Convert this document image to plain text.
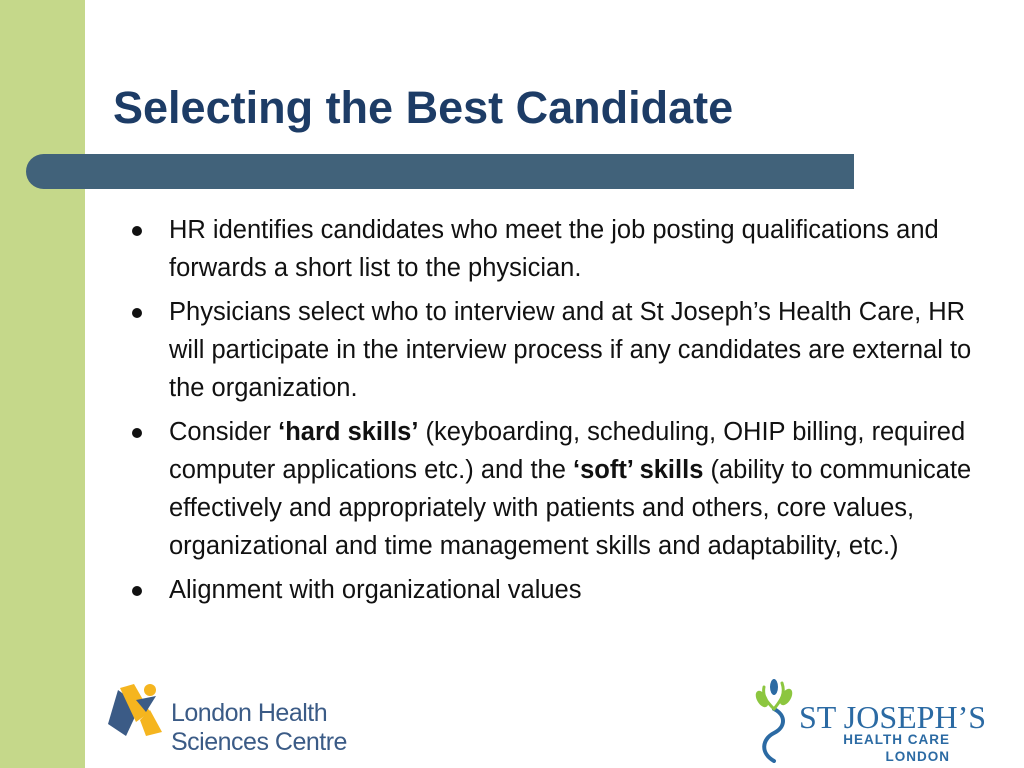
Selecting the Best Candidate
HR identifies candidates who meet the job posting qualifications and forwards a short list to the physician.
Physicians select who to interview and at St Joseph’s Health Care, HR will participate in the interview process if any candidates are external to the organization.
Consider ‘hard skills’ (keyboarding, scheduling, OHIP billing, required computer applications etc.) and the ‘soft’ skills (ability to communicate effectively and appropriately with patients and others, core values, organizational and time management skills and adaptability, etc.)
Alignment with organizational values
London Health
Sciences Centre
ST JOSEPH’S
HEALTH CARE
LONDON
